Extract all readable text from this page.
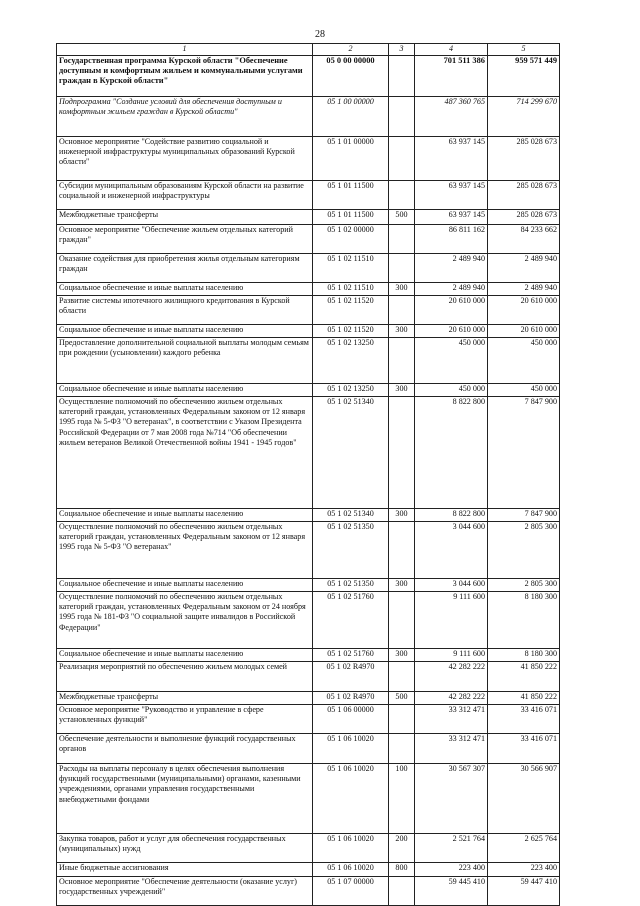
28
1	2	3	4	5
Государственная программа Курской области "Обеспечение доступным и комфортным жильем и коммунальными услугами граждан в Курской области"	05 0 00 00000		701 511 386	959 571 449
Подпрограмма "Создание условий для обеспечения доступным и комфортным жильем граждан в Курской области"	05 1 00 00000		487 360 765	714 299 670
Основное мероприятие "Содействие развитию социальной и инженерной инфраструктуры муниципальных образований Курской области"	05 1 01 00000		63 937 145	285 028 673
Субсидии муниципальным образованиям Курской области на развитие социальной и инженерной инфраструктуры	05 1 01 11500		63 937 145	285 028 673
Межбюджетные трансферты	05 1 01 11500	500	63 937 145	285 028 673
Основное мероприятие "Обеспечение жильем отдельных категорий граждан"	05 1 02 00000		86 811 162	84 233 662
Оказание содействия для приобретения жилья отдельным категориям граждан	05 1 02 11510		2 489 940	2 489 940
Социальное обеспечение и иные выплаты населению	05 1 02 11510	300	2 489 940	2 489 940
Развитие системы ипотечного жилищного кредитования в Курской области	05 1 02 11520		20 610 000	20 610 000
Социальное обеспечение и иные выплаты населению	05 1 02 11520	300	20 610 000	20 610 000
Предоставление дополнительной социальной выплаты молодым семьям при рождении (усыновлении) каждого ребенка	05 1 02 13250		450 000	450 000
Социальное обеспечение и иные выплаты населению	05 1 02 13250	300	450 000	450 000
Осуществление полномочий по обеспечению жильем отдельных категорий граждан, установленных Федеральным законом от 12 января 1995 года № 5-ФЗ "О ветеранах", в соответствии с Указом Президента Российской Федерации от 7 мая 2008 года №714 "Об обеспечении жильем ветеранов Великой Отечественной войны 1941 - 1945 годов"	05 1 02 51340		8 822 800	7 847 900
Социальное обеспечение и иные выплаты населению	05 1 02 51340	300	8 822 800	7 847 900
Осуществление полномочий по обеспечению жильем отдельных категорий граждан, установленных Федеральным законом от 12 января 1995 года № 5-ФЗ "О ветеранах"	05 1 02 51350		3 044 600	2 805 300
Социальное обеспечение и иные выплаты населению	05 1 02 51350	300	3 044 600	2 805 300
Осуществление полномочий по обеспечению жильем отдельных категорий граждан, установленных Федеральным законом от 24 ноября 1995 года № 181-ФЗ "О социальной защите инвалидов в Российской Федерации"	05 1 02 51760		9 111 600	8 180 300
Социальное обеспечение и иные выплаты населению	05 1 02 51760	300	9 111 600	8 180 300
Реализация мероприятий по обеспечению жильем молодых семей	05 1 02 R4970		42 282 222	41 850 222
Межбюджетные трансферты	05 1 02 R4970	500	42 282 222	41 850 222
Основное мероприятие "Руководство и управление в сфере установленных функций"	05 1 06 00000		33 312 471	33 416 071
Обеспечение деятельности и выполнение функций государственных органов	05 1 06 10020		33 312 471	33 416 071
Расходы на выплаты персоналу в целях обеспечения выполнения функций государственными (муниципальными) органами, казенными учреждениями, органами управления государственными внебюджетными фондами	05 1 06 10020	100	30 567 307	30 566 907
Закупка товаров, работ и услуг для обеспечения государственных (муниципальных) нужд	05 1 06 10020	200	2 521 764	2 625 764
Иные бюджетные ассигнования	05 1 06 10020	800	223 400	223 400
Основное мероприятие "Обеспечение деятельности (оказание услуг) государственных учреждений"	05 1 07 00000		59 445 410	59 447 410
